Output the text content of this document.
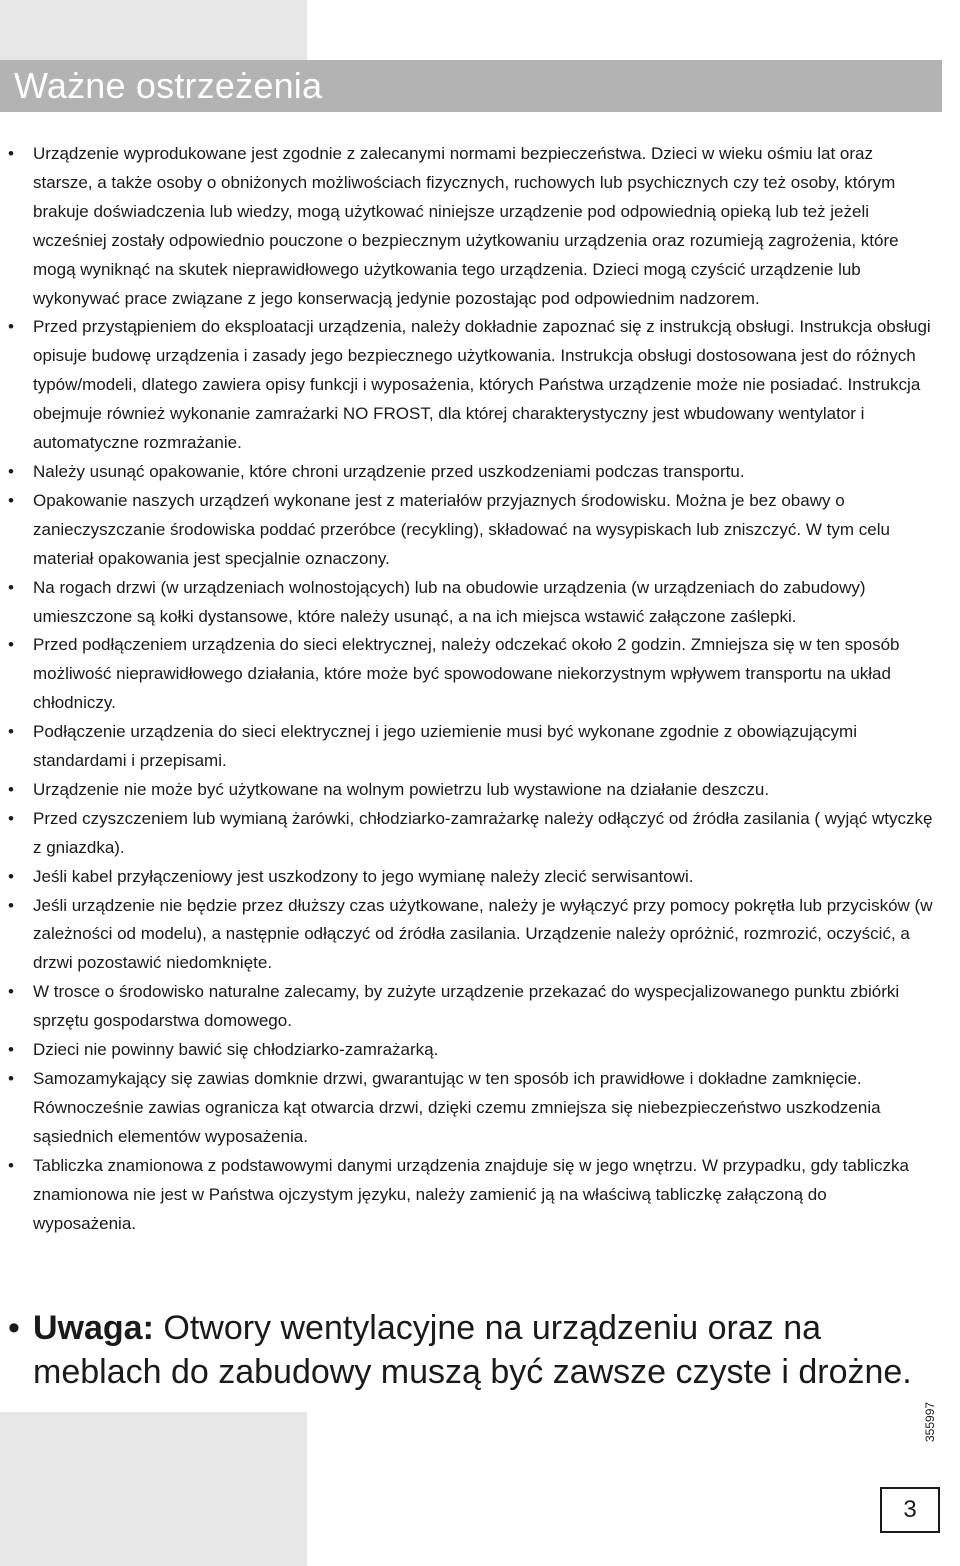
Ważne ostrzeżenia
•	Urządzenie wyprodukowane jest zgodnie z zalecanymi normami bezpieczeństwa. Dzieci w wieku ośmiu lat oraz starsze, a także osoby o obniżonych możliwościach fizycznych, ruchowych lub psychicznych czy też osoby, którym brakuje doświadczenia lub wiedzy, mogą użytkować niniejsze urządzenie pod odpowiednią opieką lub też jeżeli wcześniej zostały odpowiednio pouczone o bezpiecznym użytkowaniu urządzenia oraz rozumieją zagrożenia, które mogą wyniknąć na skutek nieprawidłowego użytkowania tego urządzenia. Dzieci mogą czyścić urządzenie lub wykonywać prace związane z jego konserwacją jedynie pozostając pod odpowiednim nadzorem.
•	Przed przystąpieniem do eksploatacji urządzenia, należy dokładnie zapoznać się z instrukcją obsługi. Instrukcja obsługi opisuje budowę urządzenia i zasady jego bezpiecznego użytkowania. Instrukcja obsługi dostosowana jest do różnych typów/modeli, dlatego zawiera opisy funkcji i wyposażenia, których Państwa urządzenie może nie posiadać. Instrukcja obejmuje również wykonanie zamrażarki NO FROST, dla której charakterystyczny jest wbudowany wentylator i automatyczne rozmrażanie.
•	Należy usunąć opakowanie, które chroni urządzenie przed uszkodzeniami podczas transportu.
•	Opakowanie naszych urządzeń wykonane jest z materiałów przyjaznych środowisku. Można je bez obawy o zanieczyszczanie środowiska poddać przeróbce (recykling), składować na wysypiskach lub zniszczyć. W tym celu materiał opakowania jest specjalnie oznaczony.
•	Na rogach drzwi (w urządzeniach wolnostojących) lub na obudowie urządzenia (w urządzeniach do zabudowy) umieszczone są kołki dystansowe, które należy usunąć, a na ich miejsca wstawić załączone zaślepki.
•	Przed podłączeniem urządzenia do sieci elektrycznej, należy odczekać około 2 godzin. Zmniejsza się w ten sposób możliwość nieprawidłowego działania, które może być spowodowane niekorzystnym wpływem transportu na układ chłodniczy.
•	Podłączenie urządzenia do sieci elektrycznej i jego uziemienie musi być wykonane zgodnie z obowiązującymi standardami i przepisami.
•	Urządzenie nie może być użytkowane na wolnym powietrzu lub wystawione na działanie deszczu.
•	Przed czyszczeniem lub wymianą żarówki, chłodziarko-zamrażarkę należy odłączyć od źródła zasilania ( wyjąć wtyczkę z gniazdka).
•	Jeśli kabel przyłączeniowy jest uszkodzony to jego wymianę należy zlecić serwisantowi.
•	Jeśli urządzenie nie będzie przez dłuższy czas użytkowane, należy je wyłączyć przy pomocy pokrętła lub przycisków (w zależności od modelu), a następnie odłączyć od źródła zasilania. Urządzenie należy opróżnić, rozmrozić, oczyścić, a drzwi pozostawić niedomknięte.
•	W trosce o środowisko naturalne zalecamy, by zużyte urządzenie przekazać do wyspecjalizowanego punktu zbiórki sprzętu gospodarstwa domowego.
•	Dzieci nie powinny bawić się chłodziarko-zamrażarką.
•	Samozamykający się zawias domknie drzwi, gwarantując w ten sposób ich prawidłowe i dokładne zamknięcie. Równocześnie zawias ogranicza kąt otwarcia drzwi, dzięki czemu zmniejsza się niebezpieczeństwo uszkodzenia sąsiednich elementów wyposażenia.
•	Tabliczka znamionowa z podstawowymi danymi urządzenia znajduje się w jego wnętrzu. W przypadku, gdy tabliczka znamionowa nie jest w Państwa ojczystym języku, należy zamienić ją na właściwą tabliczkę załączoną do wyposażenia.

• Uwaga: Otwory wentylacyjne na urządzeniu oraz na meblach do zabudowy muszą być zawsze czyste i drożne.

355997
3
